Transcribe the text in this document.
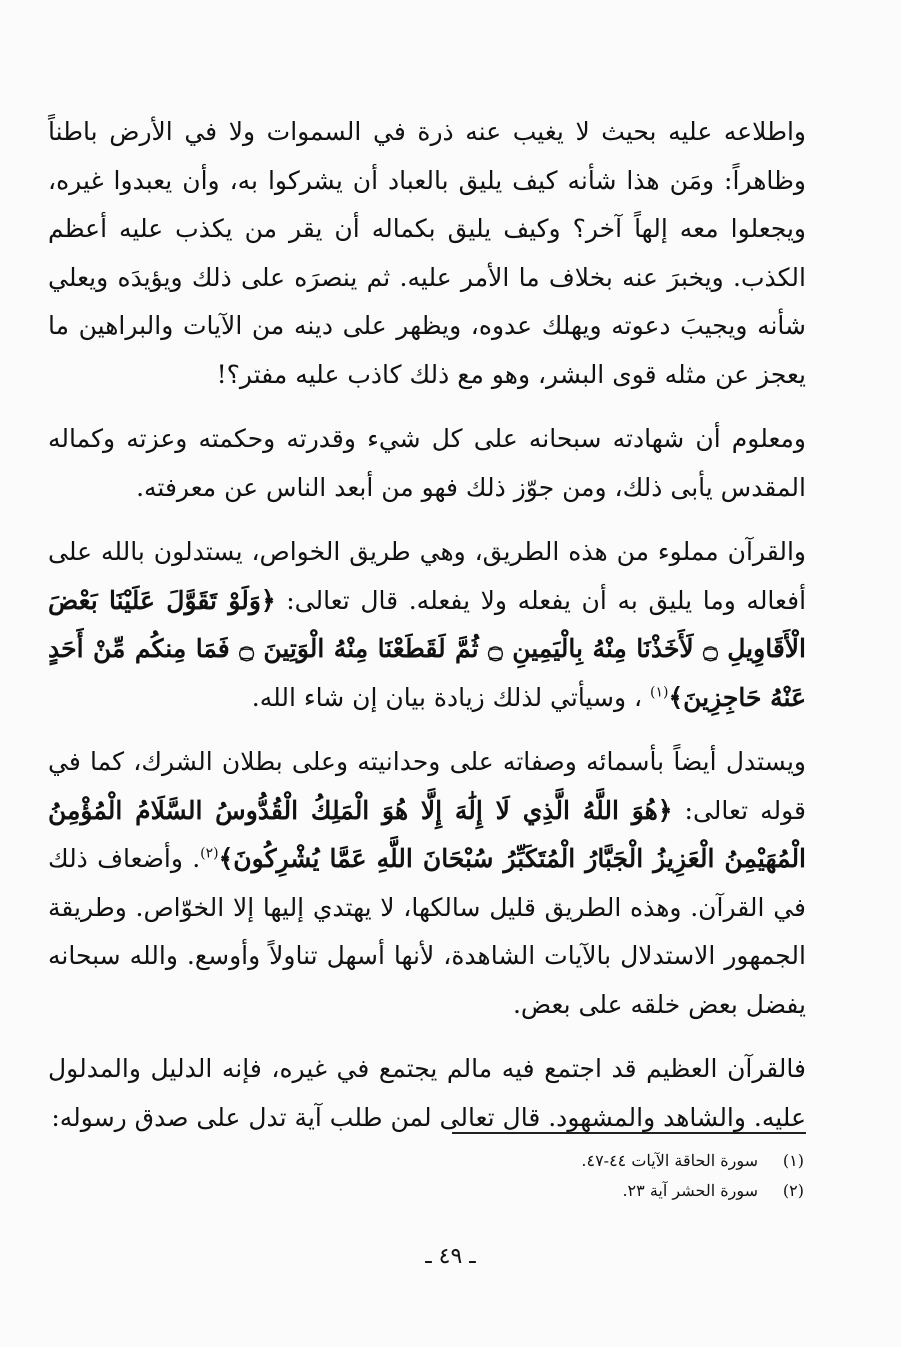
واطلاعه عليه بحيث لا يغيب عنه ذرة في السموات ولا في الأرض باطناً وظاهراً: ومَن هذا شأنه كيف يليق بالعباد أن يشركوا به، وأن يعبدوا غيره، ويجعلوا معه إلهاً آخر؟ وكيف يليق بكماله أن يقر من يكذب عليه أعظم الكذب. ويخبرَ عنه بخلاف ما الأمر عليه. ثم ينصرَه على ذلك ويؤيدَه ويعلي شأنه ويجيبَ دعوته ويهلك عدوه، ويظهر على دينه من الآيات والبراهين ما يعجز عن مثله قوى البشر، وهو مع ذلك كاذب عليه مفتر؟!

ومعلوم أن شهادته سبحانه على كل شيء وقدرته وحكمته وعزته وكماله المقدس يأبى ذلك، ومن جوّز ذلك فهو من أبعد الناس عن معرفته.

والقرآن مملوء من هذه الطريق، وهي طريق الخواص، يستدلون بالله على أفعاله وما يليق به أن يفعله ولا يفعله. قال تعالى: ﴿وَلَوْ تَقَوَّلَ عَلَيْنَا بَعْضَ الْأَقَاوِيلِ ۝ لَأَخَذْنَا مِنْهُ بِالْيَمِينِ ۝ ثُمَّ لَقَطَعْنَا مِنْهُ الْوَتِينَ ۝ فَمَا مِنكُم مِّنْ أَحَدٍ عَنْهُ حَاجِزِينَ﴾$^{(١)}$ ، وسيأتي لذلك زيادة بيان إن شاء الله.

ويستدل أيضاً بأسمائه وصفاته على وحدانيته وعلى بطلان الشرك، كما في قوله تعالى: ﴿هُوَ اللَّهُ الَّذِي لَا إِلَٰهَ إِلَّا هُوَ الْمَلِكُ الْقُدُّوسُ السَّلَامُ الْمُؤْمِنُ الْمُهَيْمِنُ الْعَزِيزُ الْجَبَّارُ الْمُتَكَبِّرُ سُبْحَانَ اللَّهِ عَمَّا يُشْرِكُونَ﴾$^{(٢)}$. وأضعاف ذلك في القرآن. وهذه الطريق قليل سالكها، لا يهتدي إليها إلا الخوّاص. وطريقة الجمهور الاستدلال بالآيات الشاهدة، لأنها أسهل تناولاً وأوسع. والله سبحانه يفضل بعض خلقه على بعض.

فالقرآن العظيم قد اجتمع فيه مالم يجتمع في غيره، فإنه الدليل والمدلول عليه. والشاهد والمشهود. قال تعالى لمن طلب آية تدل على صدق رسوله:

(١)سورة الحاقة الآيات ٤٤-٤٧.

(٢)سورة الحشر آية ٢٣.

ـ ٤٩ ـ
